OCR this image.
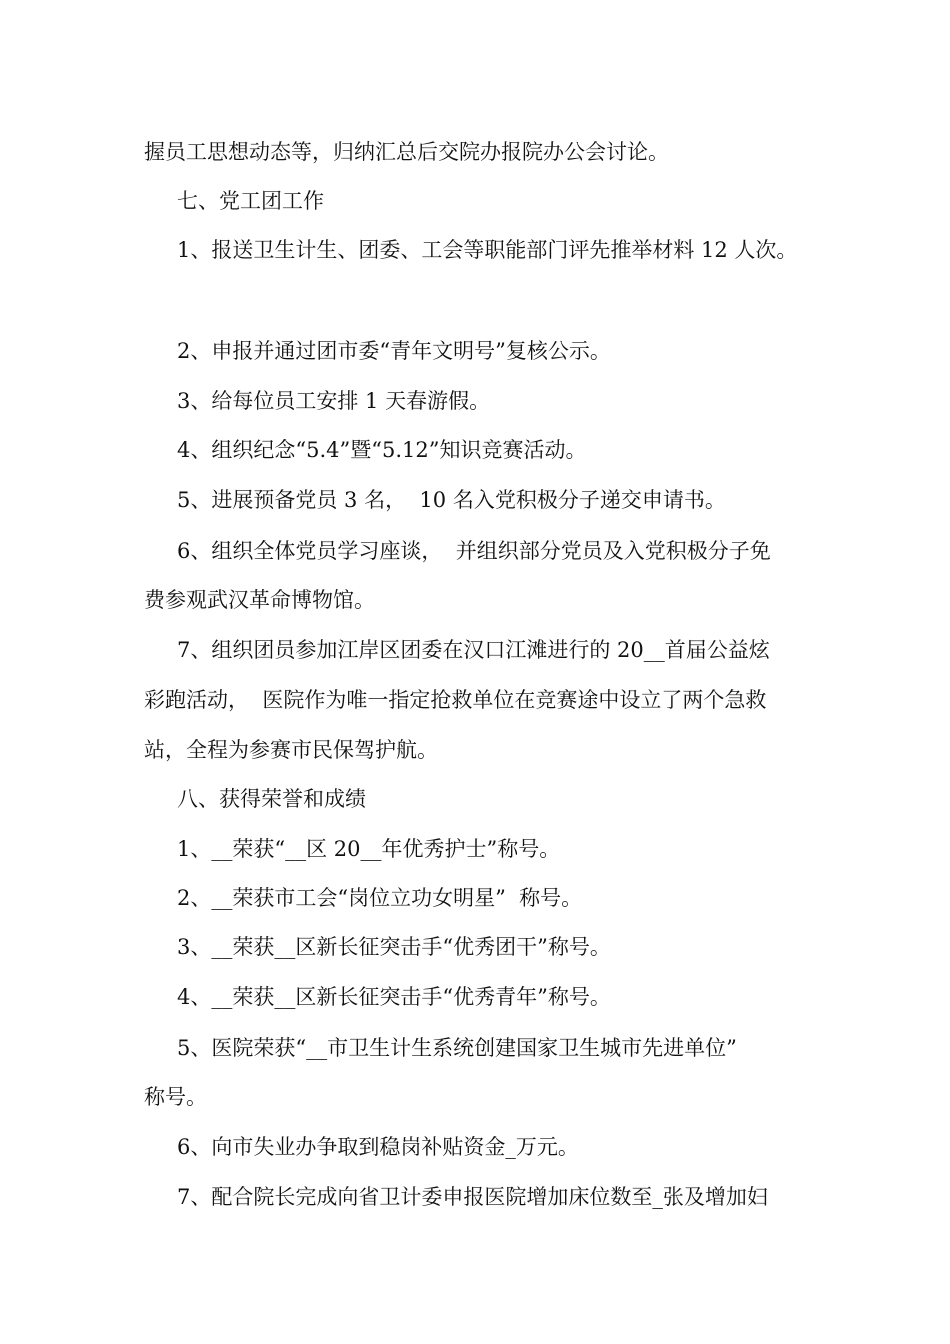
握员工思想动态等，归纳汇总后交院办报院办公会讨论。
七、党工团工作
1、报送卫生计生、团委、工会等职能部门评先推举材料 12 人次。
2、申报并通过团市委“青年文明号”复核公示。
3、给每位员工安排 1 天春游假。
4、组织纪念“5.4”暨“5.12”知识竞赛活动。
5、进展预备党员 3 名，  10 名入党积极分子递交申请书。
6、组织全体党员学习座谈，  并组织部分党员及入党积极分子免
费参观武汉革命博物馆。
7、组织团员参加江岸区团委在汉口江滩进行的 20__首届公益炫
彩跑活动，  医院作为唯一指定抢救单位在竞赛途中设立了两个急救
站，全程为参赛市民保驾护航。
八、获得荣誉和成绩
1、__荣获“__区 20__年优秀护士”称号。
2、__荣获市工会“岗位立功女明星”  称号。
3、__荣获__区新长征突击手“优秀团干”称号。
4、__荣获__区新长征突击手“优秀青年”称号。
5、医院荣获“__市卫生计生系统创建国家卫生城市先进单位”
称号。
6、向市失业办争取到稳岗补贴资金_万元。
7、配合院长完成向省卫计委申报医院增加床位数至_张及增加妇
